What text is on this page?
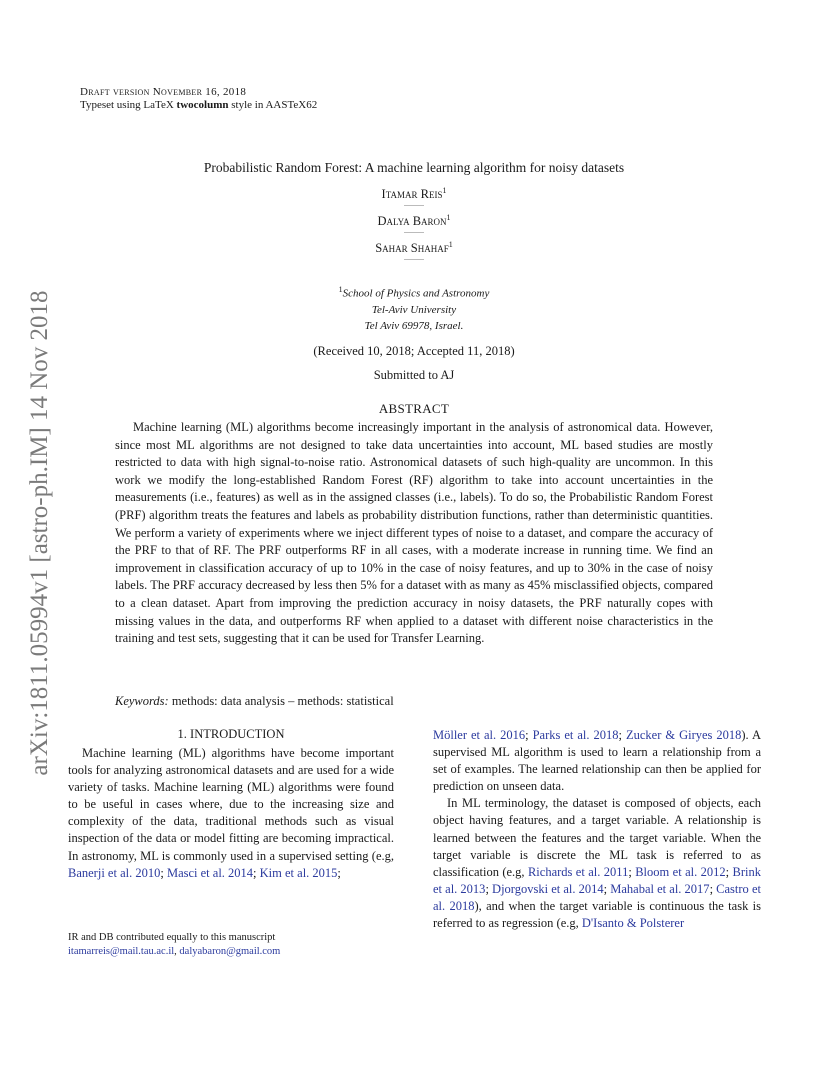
Draft version November 16, 2018
Typeset using LaTeX twocolumn style in AASTeX62
arXiv:1811.05994v1 [astro-ph.IM] 14 Nov 2018
Probabilistic Random Forest: A machine learning algorithm for noisy datasets
Itamar Reis$^1$
Dalya Baron$^1$
Sahar Shahaf$^1$
$^1$School of Physics and Astronomy
Tel-Aviv University
Tel Aviv 69978, Israel.
(Received 10, 2018; Accepted 11, 2018)
Submitted to AJ
ABSTRACT

Machine learning (ML) algorithms become increasingly important in the analysis of astronomical data. However, since most ML algorithms are not designed to take data uncertainties into account, ML based studies are mostly restricted to data with high signal-to-noise ratio. Astronomical datasets of such high-quality are uncommon. In this work we modify the long-established Random Forest (RF) algorithm to take into account uncertainties in the measurements (i.e., features) as well as in the assigned classes (i.e., labels). To do so, the Probabilistic Random Forest (PRF) algorithm treats the features and labels as probability distribution functions, rather than deterministic quantities. We perform a variety of experiments where we inject different types of noise to a dataset, and compare the accuracy of the PRF to that of RF. The PRF outperforms RF in all cases, with a moderate increase in running time. We find an improvement in classification accuracy of up to 10% in the case of noisy features, and up to 30% in the case of noisy labels. The PRF accuracy decreased by less then 5% for a dataset with as many as 45% misclassified objects, compared to a clean dataset. Apart from improving the prediction accuracy in noisy datasets, the PRF naturally copes with missing values in the data, and outperforms RF when applied to a dataset with different noise characteristics in the training and test sets, suggesting that it can be used for Transfer Learning.

Keywords: methods: data analysis – methods: statistical
1. INTRODUCTION

Machine learning (ML) algorithms have become important tools for analyzing astronomical datasets and are used for a wide variety of tasks. Machine learning (ML) algorithms were found to be useful in cases where, due to the increasing size and complexity of the data, traditional methods such as visual inspection of the data or model fitting are becoming impractical. In astronomy, ML is commonly used in a supervised setting (e.g, Banerji et al. 2010; Masci et al. 2014; Kim et al. 2015;

Möller et al. 2016; Parks et al. 2018; Zucker & Giryes 2018). A supervised ML algorithm is used to learn a relationship from a set of examples. The learned relationship can then be applied for prediction on unseen data.

In ML terminology, the dataset is composed of objects, each object having features, and a target variable. A relationship is learned between the features and the target variable. When the target variable is discrete the ML task is referred to as classification (e.g, Richards et al. 2011; Bloom et al. 2012; Brink et al. 2013; Djorgovski et al. 2014; Mahabal et al. 2017; Castro et al. 2018), and when the target variable is continuous the task is referred to as regression (e.g, D'Isanto & Polsterer

IR and DB contributed equally to this manuscript
itamarreis@mail.tau.ac.il, dalyabaron@gmail.com
